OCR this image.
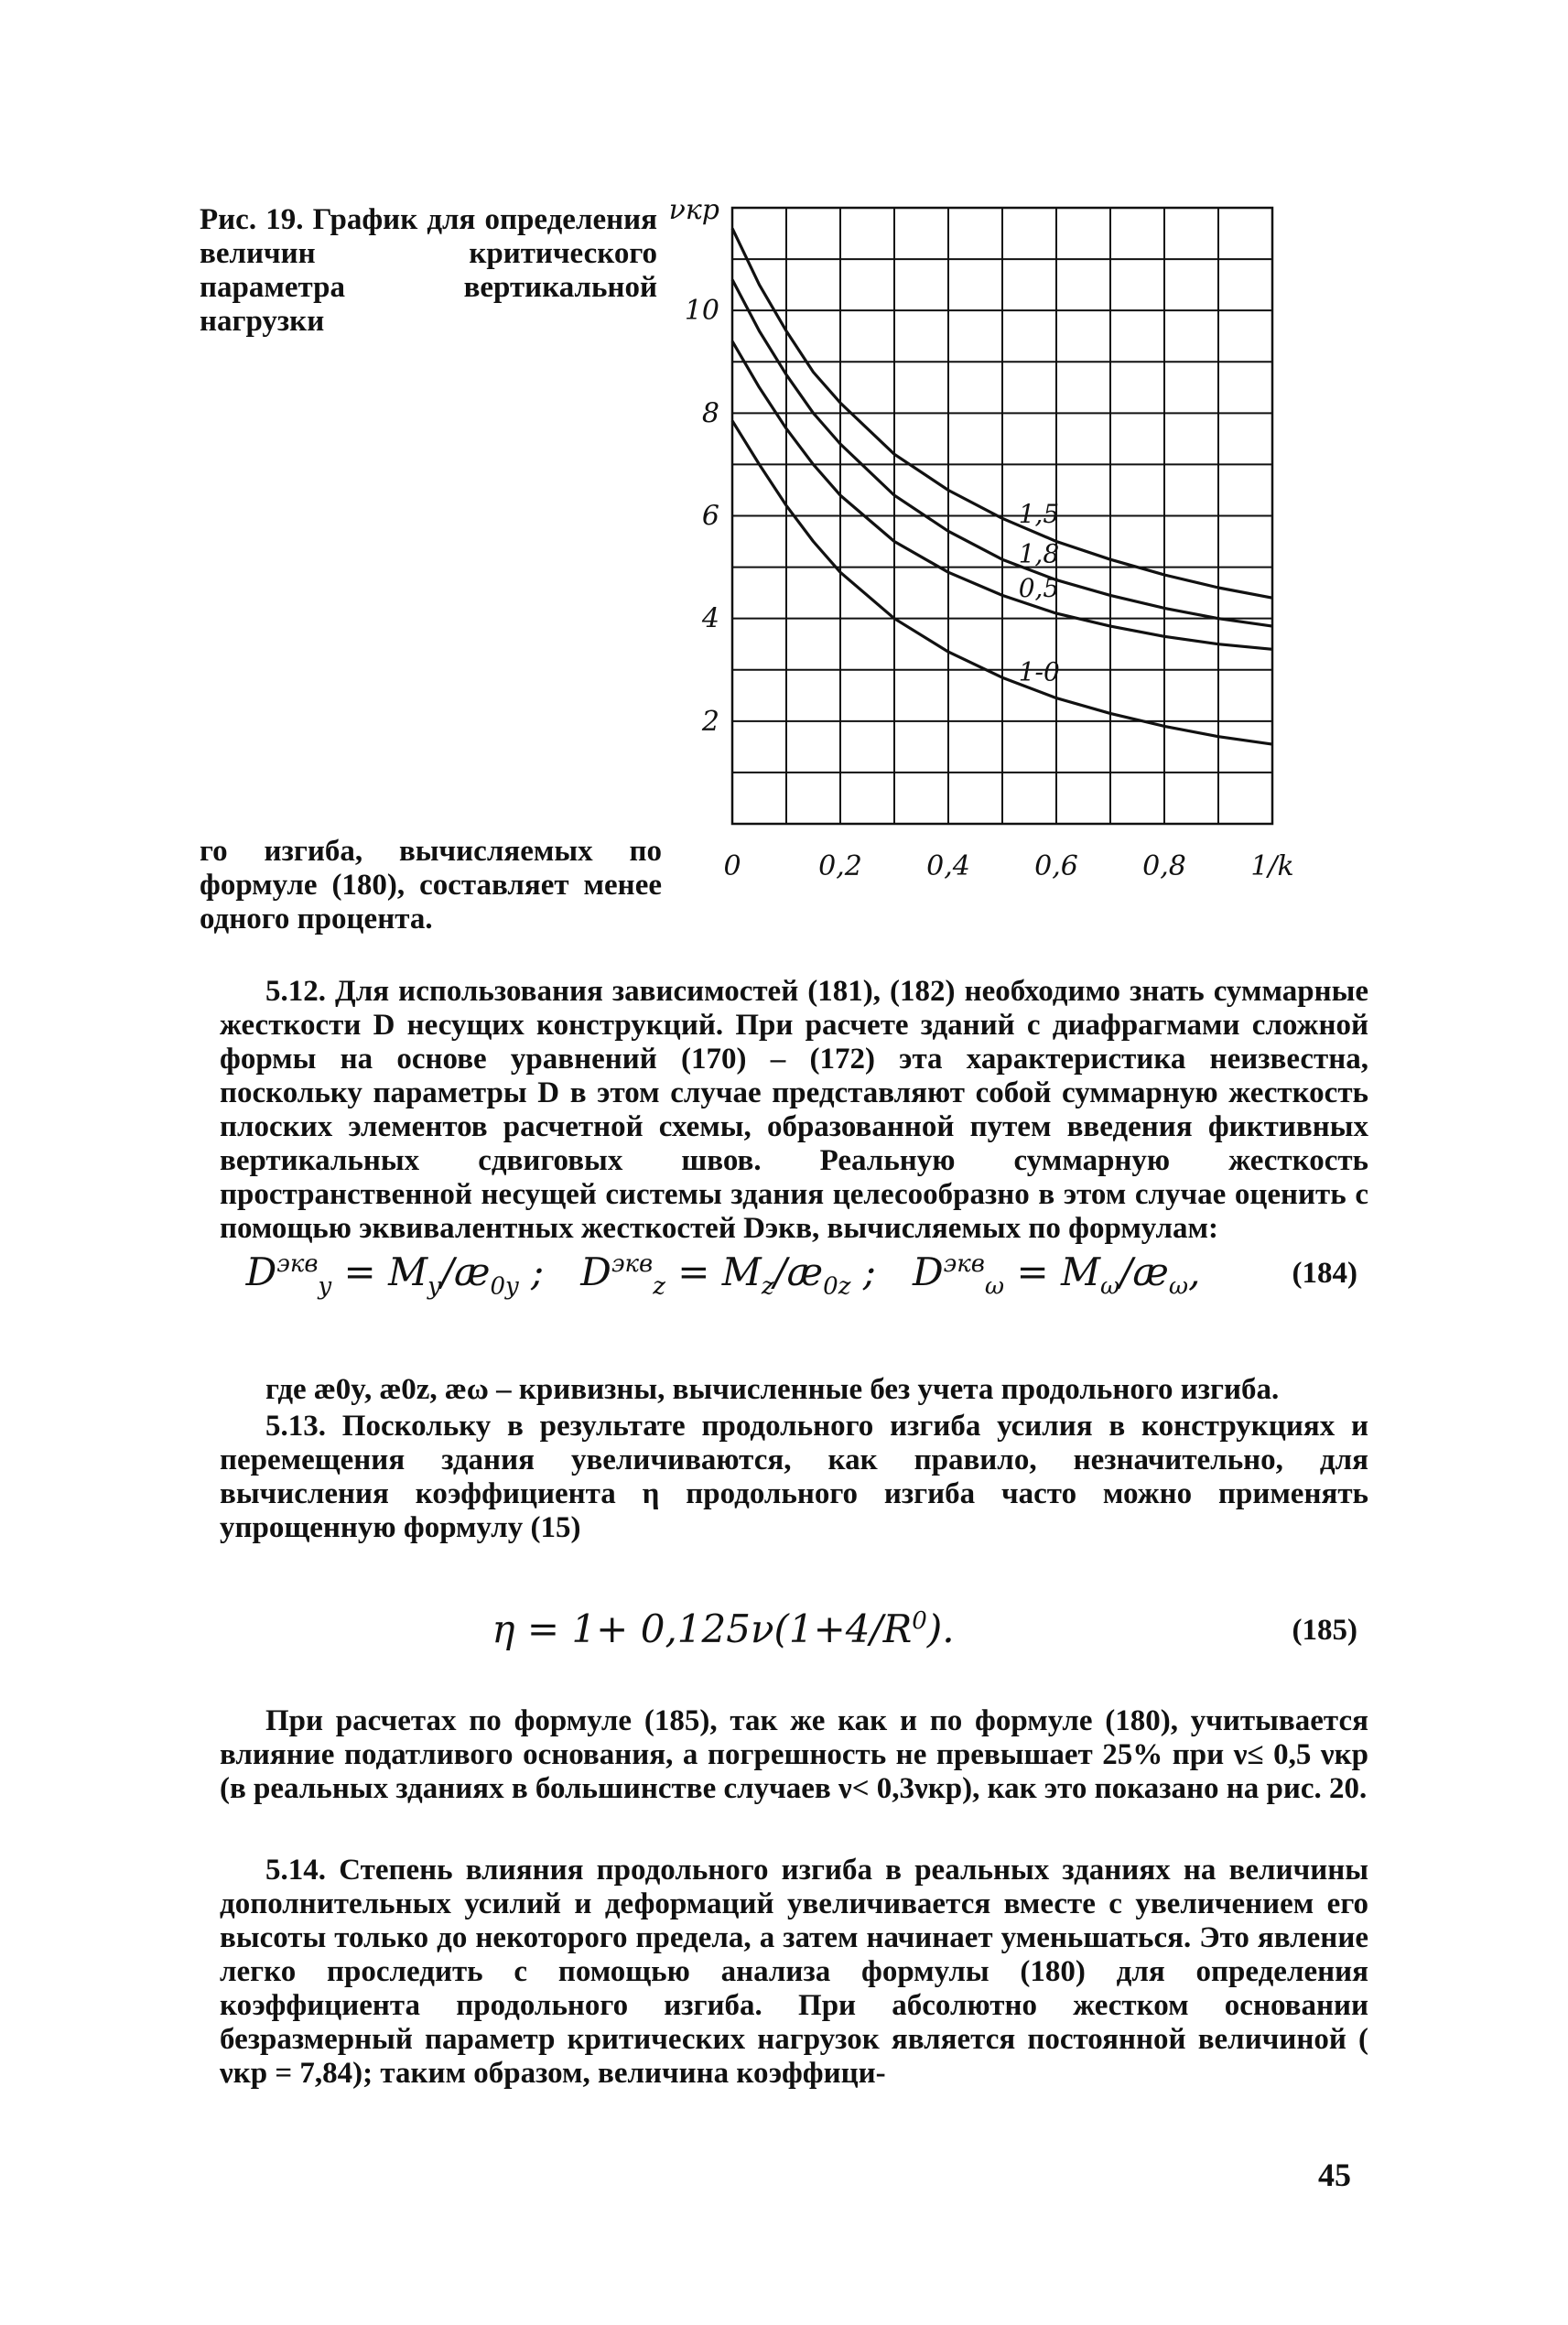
Рис. 19. График для определения величин критического параметра вертикальной нагрузки
1,5
1,8
0,5
1-0
10
8
6
4
2
0	0,2 0,4 0,6 0,8 1/k
νкр
го изгиба, вычисляемых по формуле (180), составляет менее одного процента.

5.12. Для использования зависимостей (181), (182) необходимо знать суммарные жесткости D несущих конструкций. При расчете зданий с диафрагмами сложной формы на основе уравнений (170) – (172) эта характеристика неизвестна, поскольку параметры D в этом случае представляют собой суммарную жесткость плоских элементов расчетной схемы, образованной путем введения фиктивных вертикальных сдвиговых швов. Реальную суммарную жесткость пространственной несущей системы здания целесообразно в этом случае оценить с помощью эквивалентных жесткостей Dэкв, вычисляемых по формулам:

$D^{экв}_y$ = $M_y/æ_{0y}$ ;   $D^{экв}_z$ = $M_z/æ_{0z}$ ;   $D^{экв}_\omega$ = $M_\omega/æ_\omega$,	(184)

где æ0y, æ0z, æω – кривизны, вычисленные без учета продольного изгиба.

5.13. Поскольку в результате продольного изгиба усилия в конструкциях и перемещения здания увеличиваются, как правило, незначительно, для вычисления коэффициента η продольного изгиба часто можно применять упрощенную формулу (15)

$\eta = 1+ 0,125\nu(1+4/R^0)$.	(185)

При расчетах по формуле (185), так же как и по формуле (180), учитывается влияние податливого основания, а погрешность не превышает 25% при ν≤ 0,5 νкр (в реальных зданиях в большинстве случаев ν< 0,3νкр), как это показано на рис. 20.

5.14. Степень влияния продольного изгиба в реальных зданиях на величины дополнительных усилий и деформаций увеличивается вместе с увеличением его высоты только до некоторого предела, а затем начинает уменьшаться. Это явление легко проследить с помощью анализа формулы (180) для определения коэффициента продольного изгиба. При абсолютно жестком основании безразмерный параметр критических нагрузок является постоянной величиной ( νкр = 7,84); таким образом, величина коэффици-

45
